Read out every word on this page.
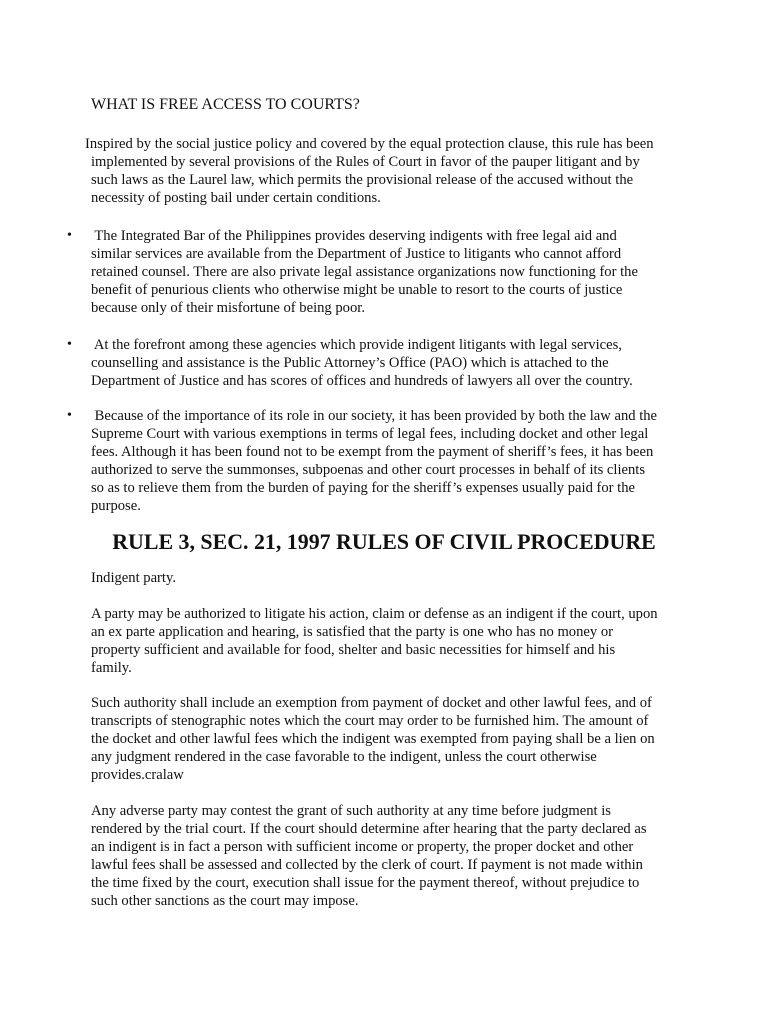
WHAT IS FREE ACCESS TO COURTS?

Inspired by the social justice policy and covered by the equal protection clause, this rule has been
implemented by several provisions of the Rules of Court in favor of the pauper litigant and by
such laws as the Laurel law, which permits the provisional release of the accused without the
necessity of posting bail under certain conditions.

• The Integrated Bar of the Philippines provides deserving indigents with free legal aid and
similar services are available from the Department of Justice to litigants who cannot afford
retained counsel. There are also private legal assistance organizations now functioning for the
benefit of penurious clients who otherwise might be unable to resort to the courts of justice
because only of their misfortune of being poor.
• At the forefront among these agencies which provide indigent litigants with legal services,
counselling and assistance is the Public Attorney’s Office (PAO) which is attached to the
Department of Justice and has scores of offices and hundreds of lawyers all over the country.
• Because of the importance of its role in our society, it has been provided by both the law and the
Supreme Court with various exemptions in terms of legal fees, including docket and other legal
fees. Although it has been found not to be exempt from the payment of sheriff’s fees, it has been
authorized to serve the summonses, subpoenas and other court processes in behalf of its clients
so as to relieve them from the burden of paying for the sheriff’s expenses usually paid for the
purpose.
RULE 3, SEC. 21, 1997 RULES OF CIVIL PROCEDURE

Indigent party.

A party may be authorized to litigate his action, claim or defense as an indigent if the court, upon
an ex parte application and hearing, is satisfied that the party is one who has no money or
property sufficient and available for food, shelter and basic necessities for himself and his
family.

Such authority shall include an exemption from payment of docket and other lawful fees, and of
transcripts of stenographic notes which the court may order to be furnished him. The amount of
the docket and other lawful fees which the indigent was exempted from paying shall be a lien on
any judgment rendered in the case favorable to the indigent, unless the court otherwise
provides.cralaw

Any adverse party may contest the grant of such authority at any time before judgment is
rendered by the trial court. If the court should determine after hearing that the party declared as
an indigent is in fact a person with sufficient income or property, the proper docket and other
lawful fees shall be assessed and collected by the clerk of court. If payment is not made within
the time fixed by the court, execution shall issue for the payment thereof, without prejudice to
such other sanctions as the court may impose.
